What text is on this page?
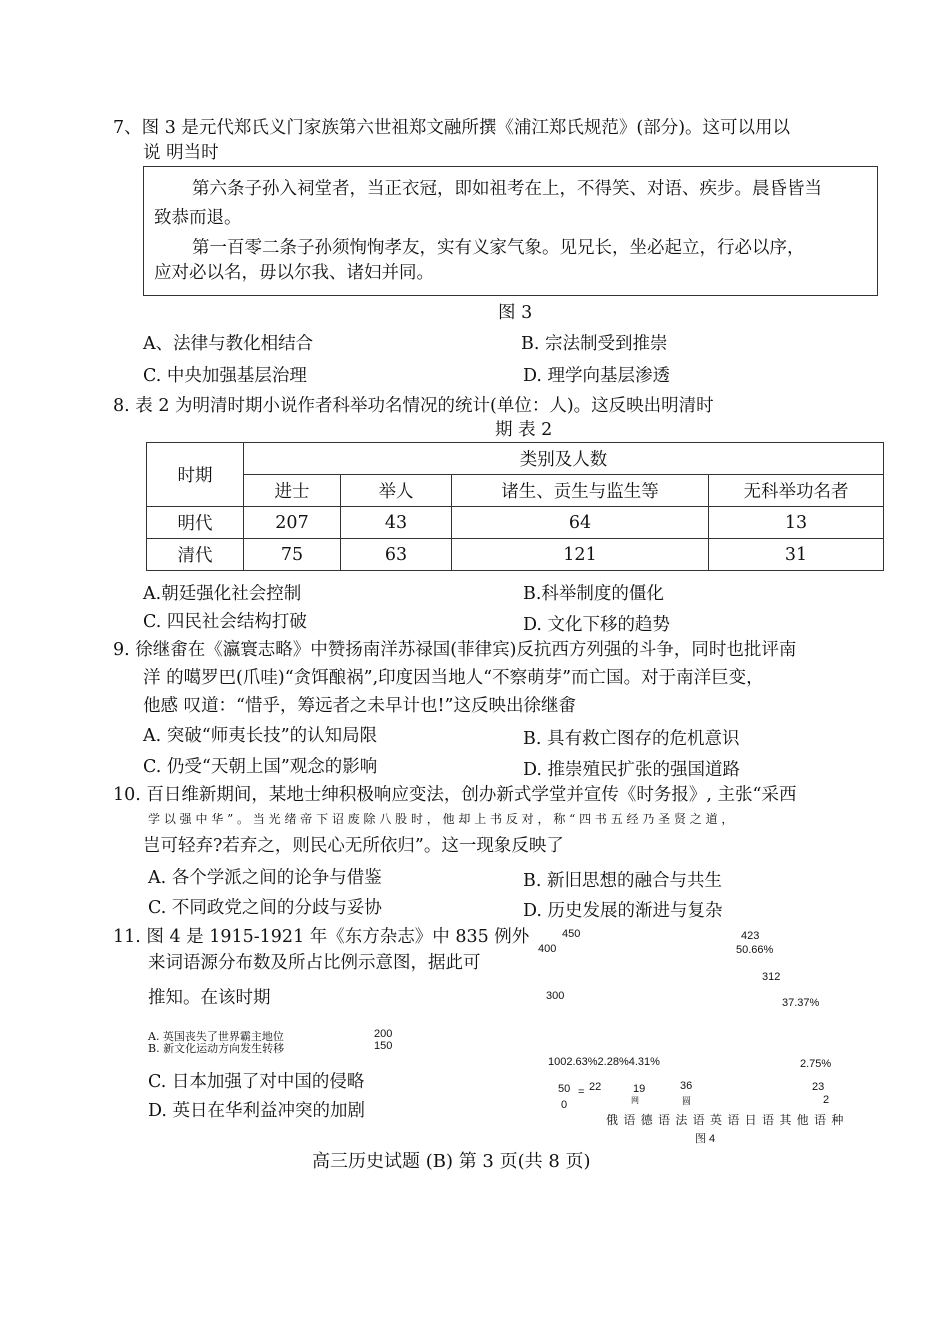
7、图 3 是元代郑氏义门家族第六世祖郑文融所撰《浦江郑氏规范》(部分)。这可以用以
说 明当时

第六条子孙入祠堂者，当正衣冠，即如祖考在上，不得笑、对语、疾步。晨昏皆当

致恭而退。

第一百零二条子孙须恂恂孝友，实有义家气象。见兄长，坐必起立，行必以序，

应对必以名，毋以尔我、诸妇并同。

图 3
A、法律与教化相结合	B. 宗法制受到推崇
C. 中央加强基层治理	D. 理学向基层渗透
8. 表 2 为明清时期小说作者科举功名情况的统计(单位：人)。这反映出明清时
期 表 2
时期	类别及人数			
	进士	举人	诸生、贡生与监生等	无科举功名者
明代	207	43	64	13
清代	75	63	121	31
A.朝廷强化社会控制	B.科举制度的僵化
C. 四民社会结构打破	D. 文化下移的趋势
9. 徐继畬在《瀛寰志略》中赞扬南洋苏禄国(菲律宾)反抗西方列强的斗争，同时也批评南
洋 的噶罗巴(爪哇)“贪饵酿祸”,印度因当地人“不察萌芽”而亡国。对于南洋巨变，
他感 叹道：“惜乎，筹远者之未早计也!”这反映出徐继畬
A. 突破“师夷长技”的认知局限	B. 具有救亡图存的危机意识
C. 仍受“天朝上国”观念的影响	D. 推崇殖民扩张的强国道路
10. 百日维新期间，某地士绅积极响应变法，创办新式学堂并宣传《时务报》, 主张“采西
学 以 强 中 华 ” 。 当 光 绪 帝 下 诏 废 除 八 股 时 ， 他 却 上 书 反 对 ， 称 “ 四 书 五 经 乃 圣 贤 之 道 ，
岂可轻弃?若弃之，则民心无所依归”。这一现象反映了
A. 各个学派之间的论争与借鉴	B. 新旧思想的融合与共生
C. 不同政党之间的分歧与妥协	D. 历史发展的渐进与复杂
11. 图 4 是 1915-1921 年《东方杂志》中 835 例外
来词语源分布数及所占比例示意图，据此可
推知。在该时期
A. 英国丧失了世界霸主地位
B. 新文化运动方向发生转移
C. 日本加强了对中国的侵略
D. 英日在华利益冲突的加剧
450
400
300
200
150
423
50.66%
312
37.37%
1002.63%2.28%4.31%	2.75%
50 = 22	19
网
36
圆
23
2
0
俄 语 德 语 法 语 英 语 日 语 其 他 语 种
图 4
高三历史试题 (B) 第 3 页(共 8 页)
